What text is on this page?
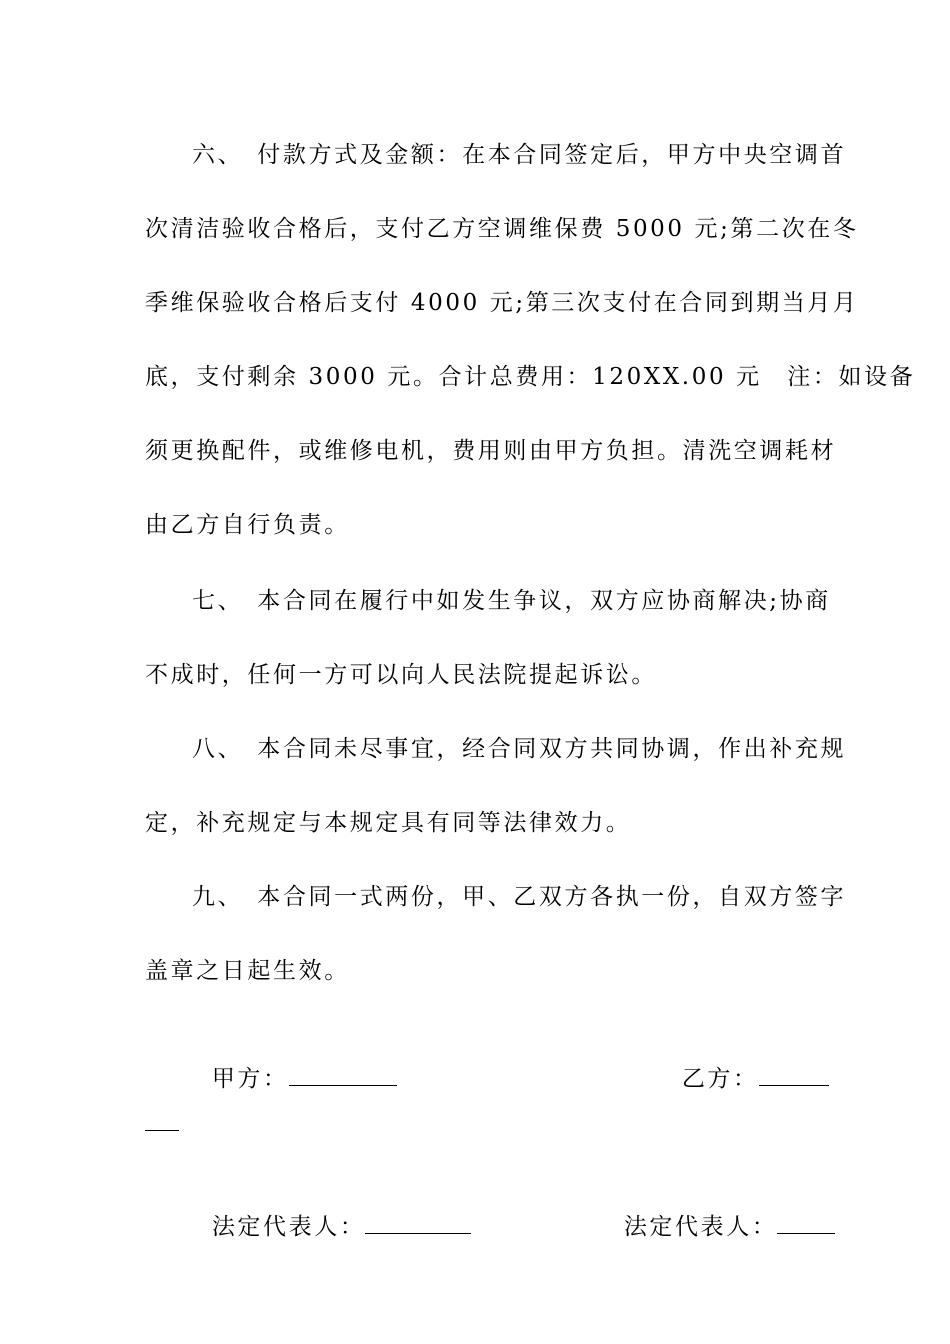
六、　付款方式及金额：在本合同签定后，甲方中央空调首
次清洁验收合格后，支付乙方空调维保费 5000 元;第二次在冬
季维保验收合格后支付 4000 元;第三次支付在合同到期当月月
底，支付剩余 3000 元。合计总费用：120XX.00 元　注：如设备
须更换配件，或维修电机，费用则由甲方负担。清洗空调耗材
由乙方自行负责。
七、　本合同在履行中如发生争议，双方应协商解决;协商
不成时，任何一方可以向人民法院提起诉讼。
八、　本合同未尽事宜，经合同双方共同协调，作出补充规
定，补充规定与本规定具有同等法律效力。
九、　本合同一式两份，甲、乙双方各执一份，自双方签字
盖章之日起生效。

甲方：	乙方：

法定代表人：	法定代表人：
